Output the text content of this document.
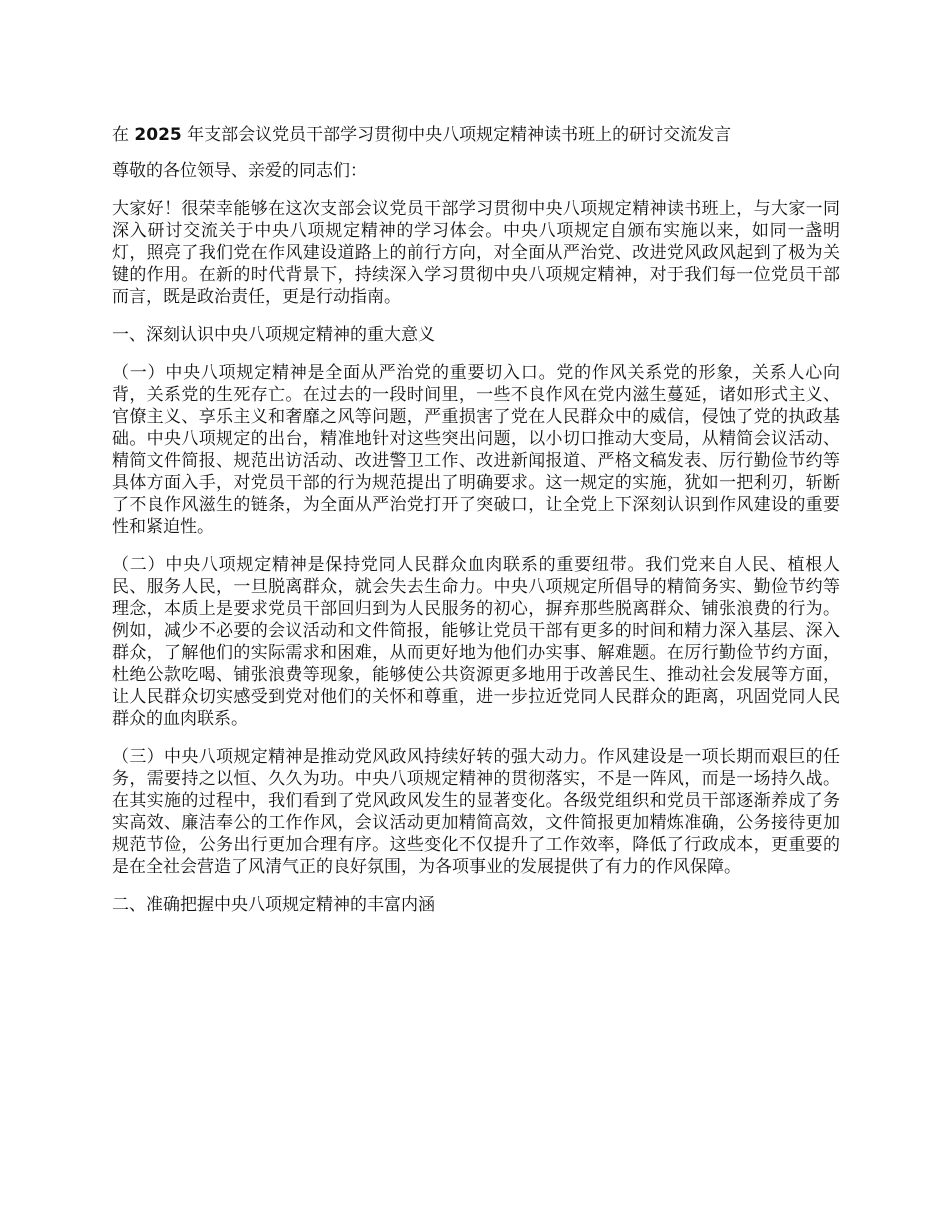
在 2025 年支部会议党员干部学习贯彻中央八项规定精神读书班上的研讨交流发言

尊敬的各位领导、亲爱的同志们：

大家好！很荣幸能够在这次支部会议党员干部学习贯彻中央八项规定精神读书班上，与大家一同深入研讨交流关于中央八项规定精神的学习体会。中央八项规定自颁布实施以来，如同一盏明灯，照亮了我们党在作风建设道路上的前行方向，对全面从严治党、改进党风政风起到了极为关键的作用。在新的时代背景下，持续深入学习贯彻中央八项规定精神，对于我们每一位党员干部而言，既是政治责任，更是行动指南。

一、深刻认识中央八项规定精神的重大意义

（一）中央八项规定精神是全面从严治党的重要切入口。党的作风关系党的形象，关系人心向背，关系党的生死存亡。在过去的一段时间里，一些不良作风在党内滋生蔓延，诸如形式主义、官僚主义、享乐主义和奢靡之风等问题，严重损害了党在人民群众中的威信，侵蚀了党的执政基础。中央八项规定的出台，精准地针对这些突出问题，以小切口推动大变局，从精简会议活动、精简文件简报、规范出访活动、改进警卫工作、改进新闻报道、严格文稿发表、厉行勤俭节约等具体方面入手，对党员干部的行为规范提出了明确要求。这一规定的实施，犹如一把利刃，斩断了不良作风滋生的链条，为全面从严治党打开了突破口，让全党上下深刻认识到作风建设的重要性和紧迫性。

（二）中央八项规定精神是保持党同人民群众血肉联系的重要纽带。我们党来自人民、植根人民、服务人民，一旦脱离群众，就会失去生命力。中央八项规定所倡导的精简务实、勤俭节约等理念，本质上是要求党员干部回归到为人民服务的初心，摒弃那些脱离群众、铺张浪费的行为。例如，减少不必要的会议活动和文件简报，能够让党员干部有更多的时间和精力深入基层、深入群众，了解他们的实际需求和困难，从而更好地为他们办实事、解难题。在厉行勤俭节约方面，杜绝公款吃喝、铺张浪费等现象，能够使公共资源更多地用于改善民生、推动社会发展等方面，让人民群众切实感受到党对他们的关怀和尊重，进一步拉近党同人民群众的距离，巩固党同人民群众的血肉联系。

（三）中央八项规定精神是推动党风政风持续好转的强大动力。作风建设是一项长期而艰巨的任务，需要持之以恒、久久为功。中央八项规定精神的贯彻落实，不是一阵风，而是一场持久战。在其实施的过程中，我们看到了党风政风发生的显著变化。各级党组织和党员干部逐渐养成了务实高效、廉洁奉公的工作作风，会议活动更加精简高效，文件简报更加精炼准确，公务接待更加规范节俭，公务出行更加合理有序。这些变化不仅提升了工作效率，降低了行政成本，更重要的是在全社会营造了风清气正的良好氛围，为各项事业的发展提供了有力的作风保障。

二、准确把握中央八项规定精神的丰富内涵
